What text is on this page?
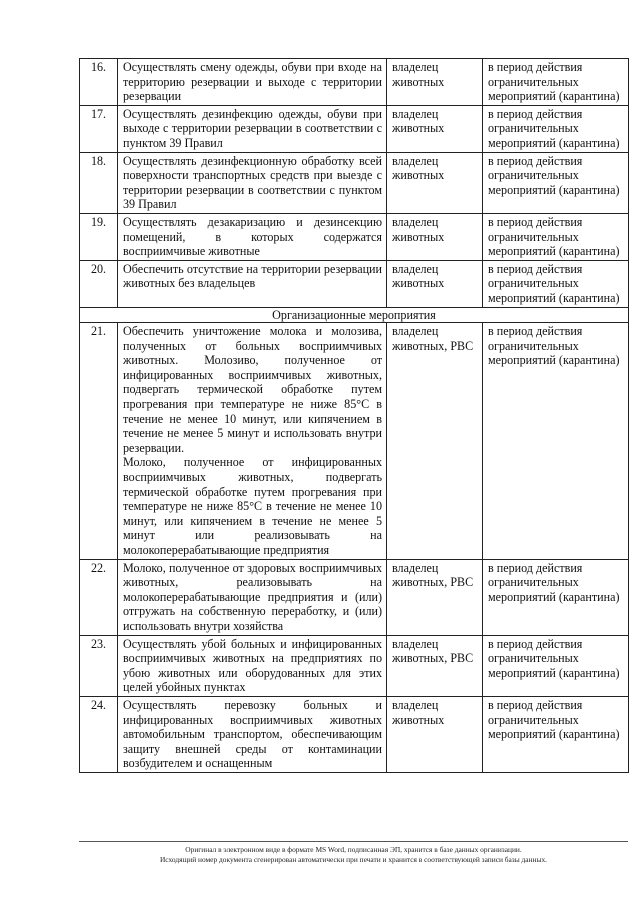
16.	Осуществлять смену одежды, обуви при входе на территорию резервации и выходе с территории резервации	владелец животных	в период действия ограничительных мероприятий (карантина)
17.	Осуществлять дезинфекцию одежды, обуви при выходе с территории резервации в соответствии с пунктом 39 Правил	владелец животных	в период действия ограничительных мероприятий (карантина)
18.	Осуществлять дезинфекционную обработку всей поверхности транспортных средств при выезде с территории резервации в соответствии с пунктом 39 Правил	владелец животных	в период действия ограничительных мероприятий (карантина)
19.	Осуществлять дезакаризацию и дезинсекцию помещений, в которых содержатся восприимчивые животные	владелец животных	в период действия ограничительных мероприятий (карантина)
20.	Обеспечить отсутствие на территории резервации животных без владельцев	владелец животных	в период действия ограничительных мероприятий (карантина)
Организационные мероприятия			
21.	Обеспечить уничтожение молока и молозива, полученных от больных восприимчивых животных. Молозиво, полученное от инфицированных восприимчивых животных, подвергать термической обработке путем прогревания при температуре не ниже 85°С в течение не менее 10 минут, или кипячением в течение не менее 5 минут и использовать внутри резервации.
Молоко, полученное от инфицированных восприимчивых животных, подвергать термической обработке путем прогревания при температуре не ниже 85°С в течение не менее 10 минут, или кипячением в течение не менее 5 минут или реализовывать на молокоперерабатывающие предприятия	владелец животных, РВС	в период действия ограничительных мероприятий (карантина)
22.	Молоко, полученное от здоровых восприимчивых животных, реализовывать на молокоперерабатывающие предприятия и (или) отгружать на собственную переработку, и (или) использовать внутри хозяйства	владелец животных, РВС	в период действия ограничительных мероприятий (карантина)
23.	Осуществлять убой больных и инфицированных восприимчивых животных на предприятиях по убою животных или оборудованных для этих целей убойных пунктах	владелец животных, РВС	в период действия ограничительных мероприятий (карантина)
24.	Осуществлять перевозку больных и инфицированных восприимчивых животных автомобильным транспортом, обеспечивающим защиту внешней среды от контаминации возбудителем и оснащенным	владелец животных	в период действия ограничительных мероприятий (карантина)
Оригинал в электронном виде в формате MS Word, подписанная ЭП, хранится в базе данных организации.
Исходящий номер документа сгенерирован автоматически при печати и хранится в соответствующей записи базы данных.
